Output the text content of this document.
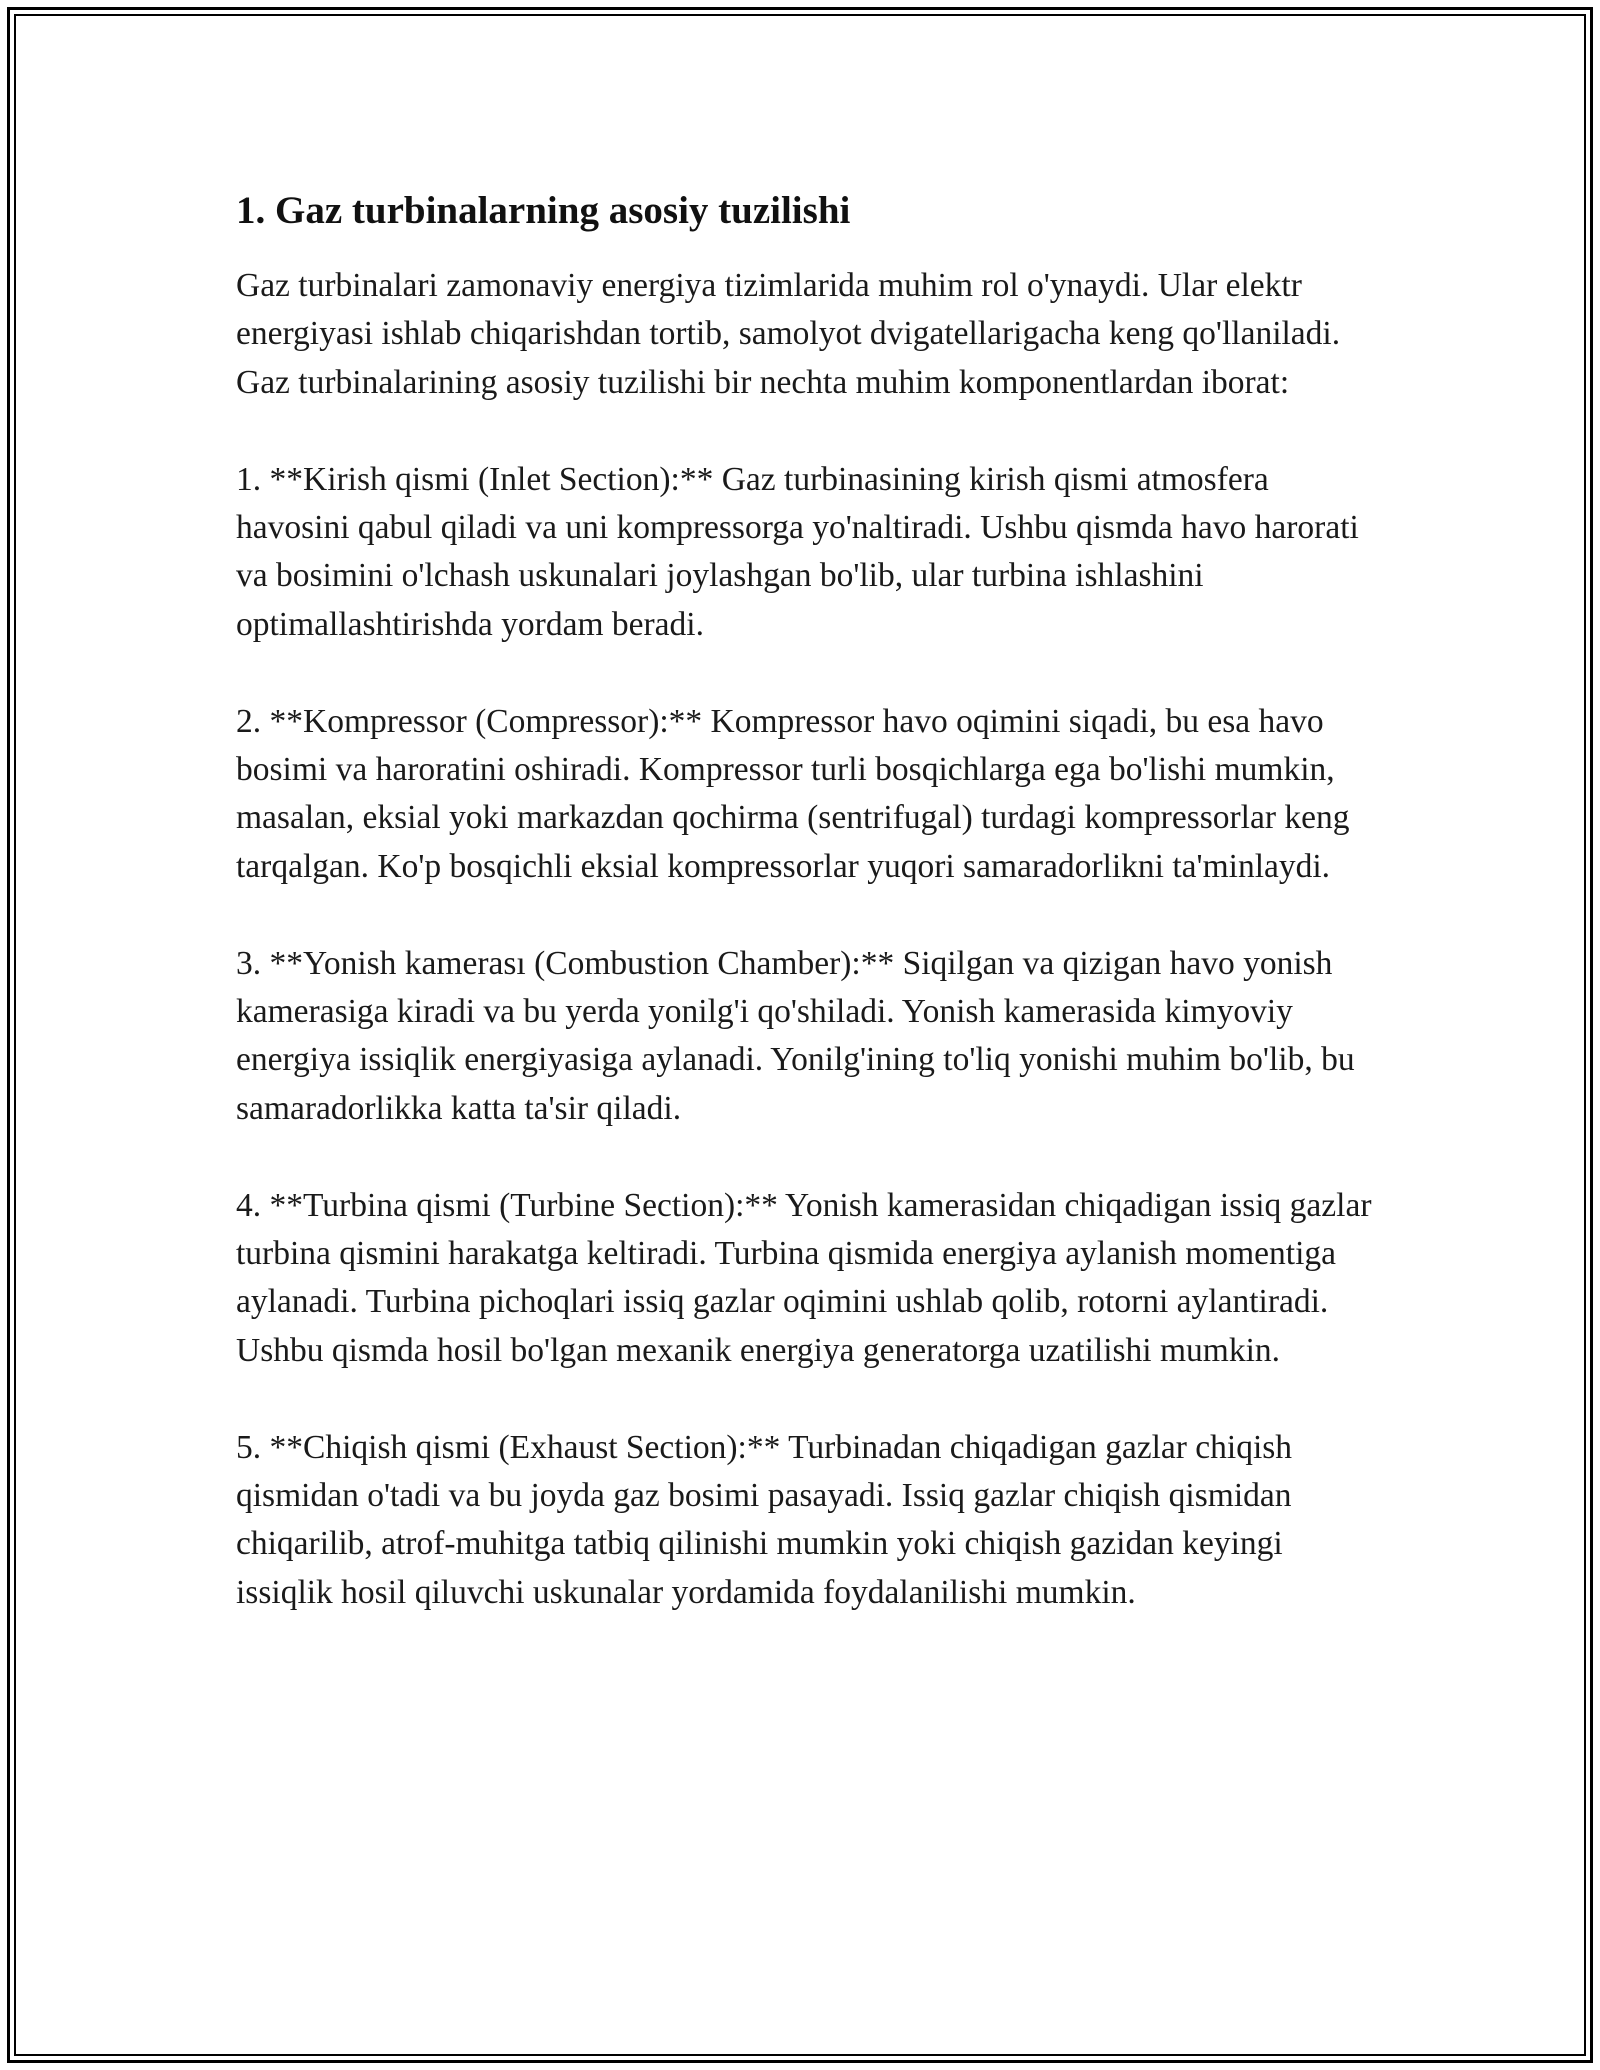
1. Gaz turbinalarning asosiy tuzilishi

Gaz turbinalari zamonaviy energiya tizimlarida muhim rol o'ynaydi. Ular elektr energiyasi ishlab chiqarishdan tortib, samolyot dvigatellarigacha keng qo'llaniladi. Gaz turbinalarining asosiy tuzilishi bir nechta muhim komponentlardan iborat:

1. **Kirish qismi (Inlet Section):** Gaz turbinasining kirish qismi atmosfera havosini qabul qiladi va uni kompressorga yo'naltiradi. Ushbu qismda havo harorati va bosimini o'lchash uskunalari joylashgan bo'lib, ular turbina ishlashini optimallashtirishda yordam beradi.

2. **Kompressor (Compressor):** Kompressor havo oqimini siqadi, bu esa havo bosimi va haroratini oshiradi. Kompressor turli bosqichlarga ega bo'lishi mumkin, masalan, eksial yoki markazdan qochirma (sentrifugal) turdagi kompressorlar keng tarqalgan. Ko'p bosqichli eksial kompressorlar yuqori samaradorlikni ta'minlaydi.

3. **Yonish kamerası (Combustion Chamber):** Siqilgan va qizigan havo yonish kamerasiga kiradi va bu yerda yonilg'i qo'shiladi. Yonish kamerasida kimyoviy energiya issiqlik energiyasiga aylanadi. Yonilg'ining to'liq yonishi muhim bo'lib, bu samaradorlikka katta ta'sir qiladi.

4. **Turbina qismi (Turbine Section):** Yonish kamerasidan chiqadigan issiq gazlar turbina qismini harakatga keltiradi. Turbina qismida energiya aylanish momentiga aylanadi. Turbina pichoqlari issiq gazlar oqimini ushlab qolib, rotorni aylantiradi. Ushbu qismda hosil bo'lgan mexanik energiya generatorga uzatilishi mumkin.

5. **Chiqish qismi (Exhaust Section):** Turbinadan chiqadigan gazlar chiqish qismidan o'tadi va bu joyda gaz bosimi pasayadi. Issiq gazlar chiqish qismidan chiqarilib, atrof-muhitga tatbiq qilinishi mumkin yoki chiqish gazidan keyingi issiqlik hosil qiluvchi uskunalar yordamida foydalanilishi mumkin.
